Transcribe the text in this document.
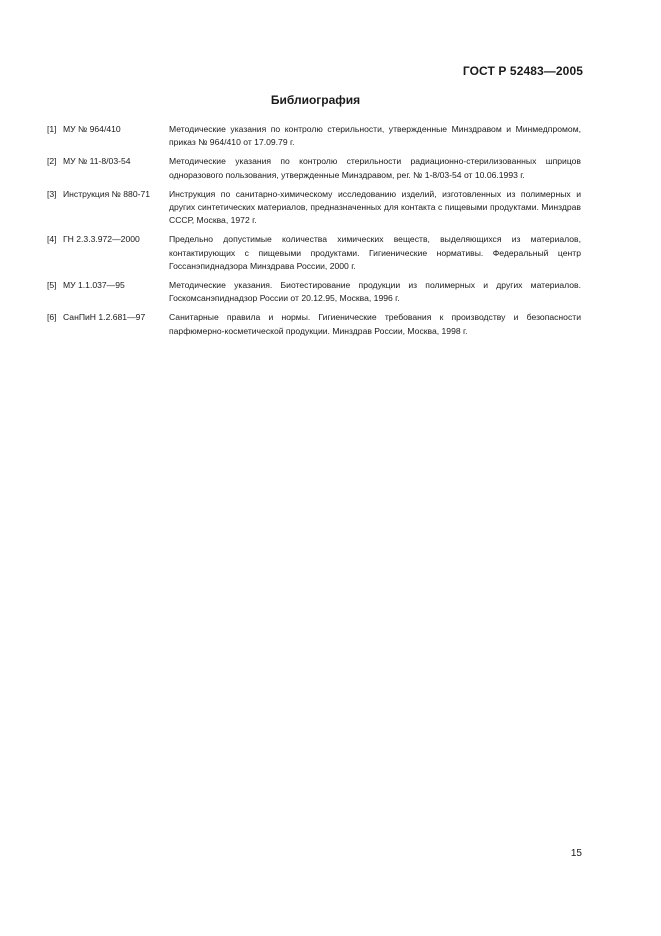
ГОСТ Р 52483—2005
Библиография
[1] МУ № 964/410	Методические указания по контролю стерильности, утвержденные Минздравом и Минмедпромом, приказ № 964/410 от 17.09.79 г.
[2] МУ № 11-8/03-54	Методические указания по контролю стерильности радиационно-стерилизованных шприцов одноразового пользования, утвержденные Минздравом, рег. № 1-8/03-54 от 10.06.1993 г.
[3] Инструкция № 880-71	Инструкция по санитарно-химическому исследованию изделий, изготовленных из полимерных и других синтетических материалов, предназначенных для контакта с пищевыми продуктами. Минздрав СССР, Москва, 1972 г.
[4] ГН 2.3.3.972—2000	Предельно допустимые количества химических веществ, выделяющихся из материалов, контактирующих с пищевыми продуктами. Гигиенические нормативы. Федеральный центр Госсанэпиднадзора Минздрава России, 2000 г.
[5] МУ 1.1.037—95	Методические указания. Биотестирование продукции из полимерных и других материалов. Госкомсанэпиднадзор России от 20.12.95, Москва, 1996 г.
[6] СанПиН 1.2.681—97	Санитарные правила и нормы. Гигиенические требования к производству и безопасности парфюмерно-косметической продукции. Минздрав России, Москва, 1998 г.
15
